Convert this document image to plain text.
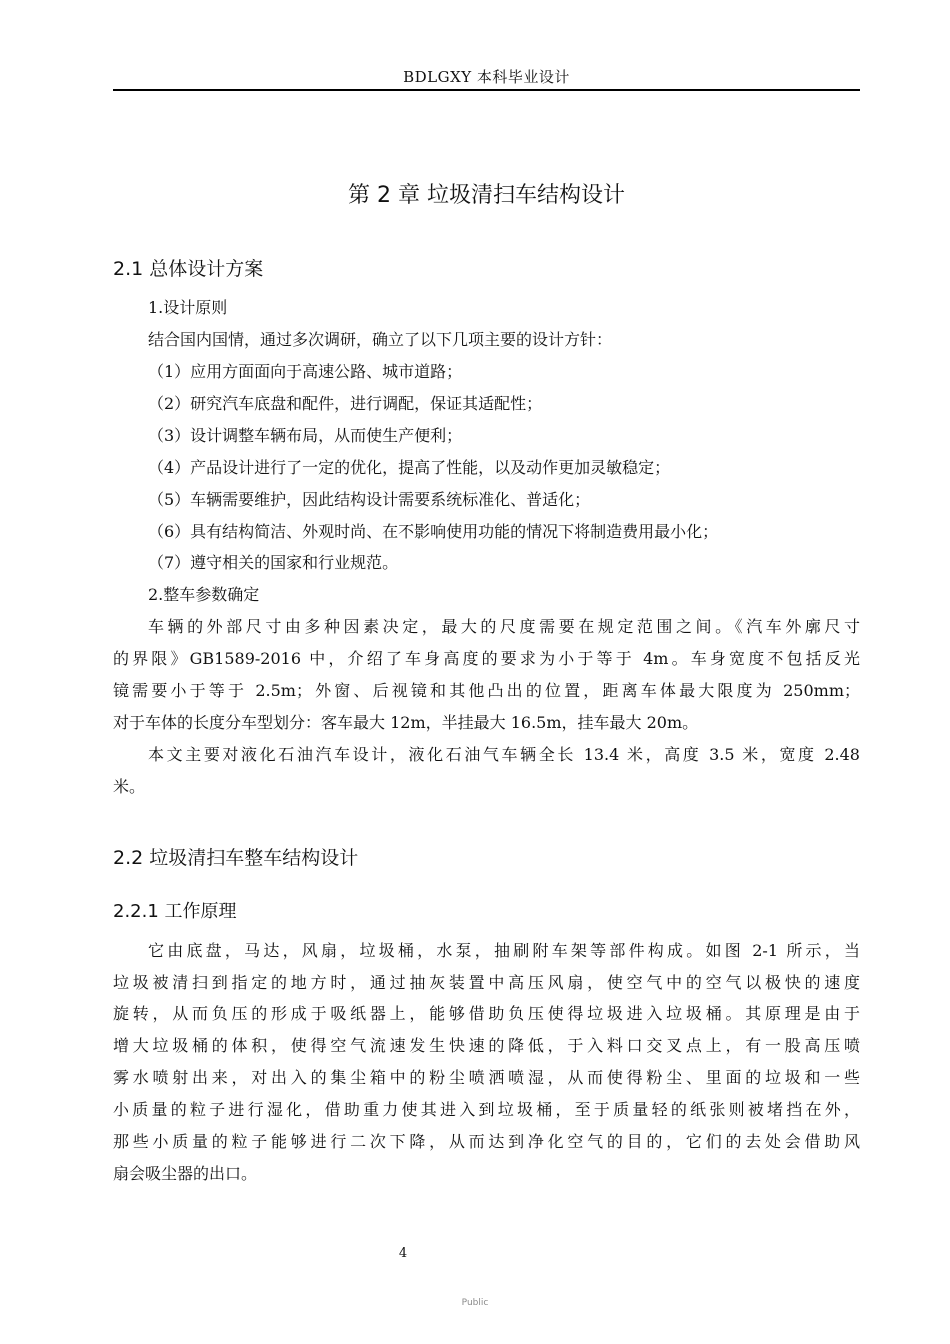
BDLGXY 本科毕业设计
第 2 章 垃圾清扫车结构设计
2.1 总体设计方案
1.设计原则
结合国内国情，通过多次调研，确立了以下几项主要的设计方针：
（1）应用方面面向于高速公路、城市道路；
（2）研究汽车底盘和配件，进行调配，保证其适配性；
（3）设计调整车辆布局，从而使生产便利；
（4）产品设计进行了一定的优化，提高了性能，以及动作更加灵敏稳定；
（5）车辆需要维护，因此结构设计需要系统标准化、普适化；
（6）具有结构简洁、外观时尚、在不影响使用功能的情况下将制造费用最小化；
（7）遵守相关的国家和行业规范。
2.整车参数确定
车辆的外部尺寸由多种因素决定，最大的尺度需要在规定范围之间。《汽车外廓尺寸
的界限》GB1589-2016 中，介绍了车身高度的要求为小于等于 4m。车身宽度不包括反光
镜需要小于等于 2.5m；外窗、后视镜和其他凸出的位置，距离车体最大限度为 250mm；
对于车体的长度分车型划分：客车最大 12m，半挂最大 16.5m，挂车最大 20m。
本文主要对液化石油汽车设计，液化石油气车辆全长 13.4 米，高度 3.5 米，宽度 2.48
米。
2.2 垃圾清扫车整车结构设计
2.2.1 工作原理
它由底盘，马达，风扇，垃圾桶，水泵，抽刷附车架等部件构成。如图 2-1 所示，当
垃圾被清扫到指定的地方时，通过抽灰装置中高压风扇，使空气中的空气以极快的速度
旋转，从而负压的形成于吸纸器上，能够借助负压使得垃圾进入垃圾桶。其原理是由于
增大垃圾桶的体积，使得空气流速发生快速的降低，于入料口交叉点上，有一股高压喷
雾水喷射出来，对出入的集尘箱中的粉尘喷洒喷湿，从而使得粉尘、里面的垃圾和一些
小质量的粒子进行湿化，借助重力使其进入到垃圾桶，至于质量轻的纸张则被堵挡在外，
那些小质量的粒子能够进行二次下降，从而达到净化空气的目的，它们的去处会借助风
扇会吸尘器的出口。
4
Public
